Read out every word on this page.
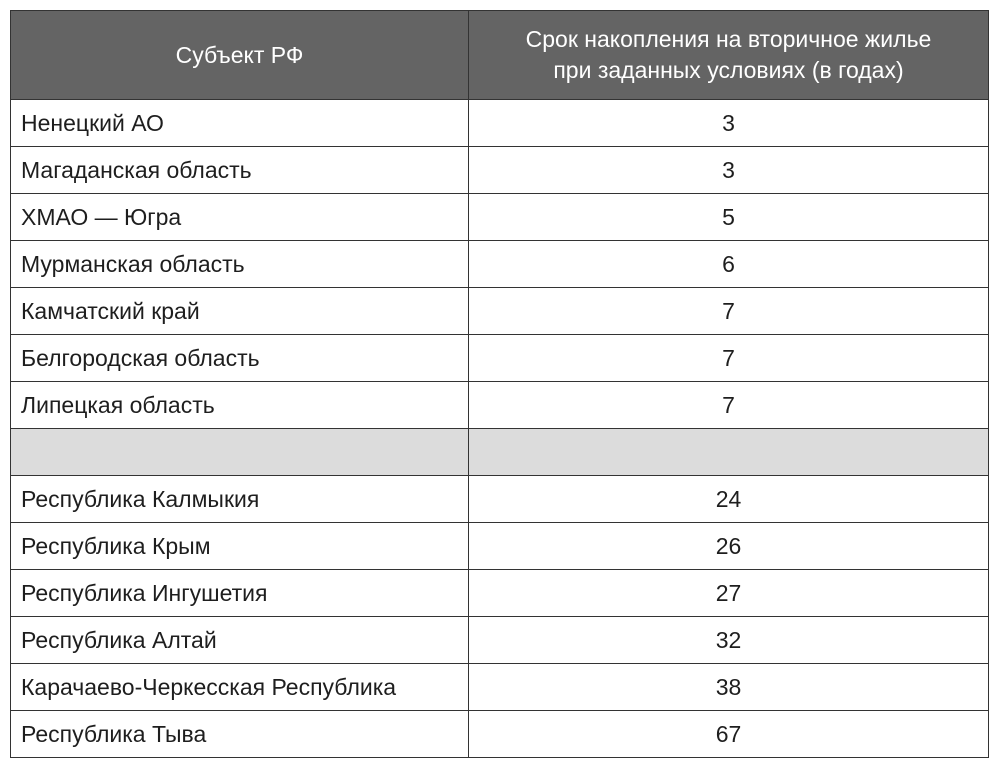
Субъект РФ	Срок накопления на вторичное жилье
при заданных условиях (в годах)
Ненецкий АО	3
Магаданская область	3
ХМАО — Югра	5
Мурманская область	6
Камчатский край	7
Белгородская область	7
Липецкая область	7

Республика Калмыкия	24
Республика Крым	26
Республика Ингушетия	27
Республика Алтай	32
Карачаево-Черкесская Республика	38
Республика Тыва	67
